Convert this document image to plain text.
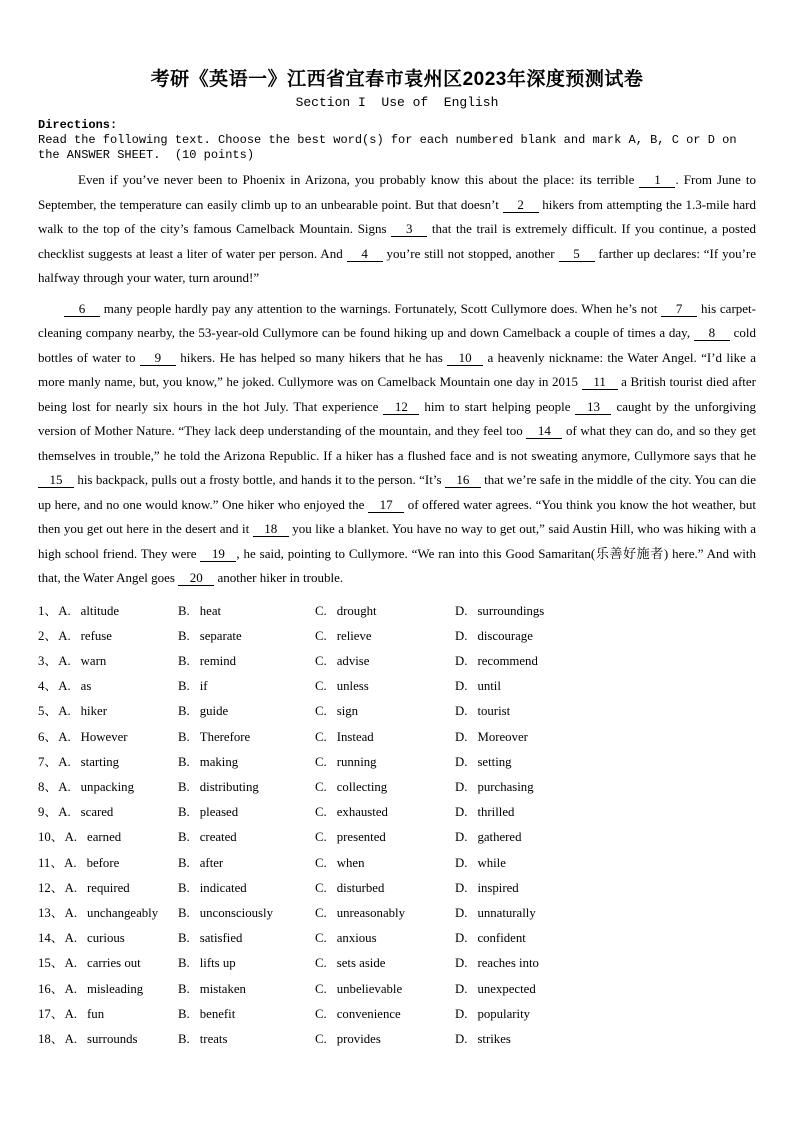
考研《英语一》江西省宜春市袁州区2023年深度预测试卷
Section I  Use of  English
Directions:
Read the following text. Choose the best word(s) for each numbered blank and mark A, B, C or D on the ANSWER SHEET.  (10 points)

Even if you’ve never been to Phoenix in Arizona, you probably know this about the place: its terrible 1 . From June to September, the temperature can easily climb up to an unbearable point. But that doesn’t 2 hikers from attempting the 1.3-mile hard walk to the top of the city’s famous Camelback Mountain. Signs 3 that the trail is extremely difficult. If you continue, a posted checklist suggests at least a liter of water per person. And 4 you’re still not stopped, another 5 farther up declares: “If you’re halfway through your water, turn around!”

6 many people hardly pay any attention to the warnings. Fortunately, Scott Cullymore does. When he’s not 7 his carpet-cleaning company nearby, the 53-year-old Cullymore can be found hiking up and down Camelback a couple of times a day, 8 cold bottles of water to 9 hikers. He has helped so many hikers that he has 10 a heavenly nickname: the Water Angel. “I’d like a more manly name, but, you know,” he joked. Cullymore was on Camelback Mountain one day in 2015 11 a British tourist died after being lost for nearly six hours in the hot July. That experience 12 him to start helping people 13 caught by the unforgiving version of Mother Nature. “They lack deep understanding of the mountain, and they feel too 14 of what they can do, and so they get themselves in trouble,” he told the Arizona Republic. If a hiker has a flushed face and is not sweating anymore, Cullymore says that he 15 his backpack, pulls out a frosty bottle, and hands it to the person. “It’s 16 that we’re safe in the middle of the city. You can die up here, and no one would know.” One hiker who enjoyed the 17 of offered water agrees. “You think you know the hot weather, but then you get out here in the desert and it 18 you like a blanket. You have no way to get out,” said Austin Hill, who was hiking with a high school friend. They were 19 , he said, pointing to Cullymore. “We ran into this Good Samaritan(乐善好施者) here.” And with that, the Water Angel goes 20 another hiker in trouble.

1、A. altitude	B. heat	C. drought	D. surroundings
2、A. refuse	B. separate	C. relieve	D. discourage
3、A. warn	B. remind	C. advise	D. recommend
4、A. as	B. if	C. unless	D. until
5、A. hiker	B. guide	C. sign	D. tourist
6、A. However	B. Therefore	C. Instead	D. Moreover
7、A. starting	B. making	C. running	D. setting
8、A. unpacking	B. distributing	C. collecting	D. purchasing
9、A. scared	B. pleased	C. exhausted	D. thrilled
10、A. earned	B. created	C. presented	D. gathered
11、A. before	B. after	C. when	D. while
12、A. required	B. indicated	C. disturbed	D. inspired
13、A. unchangeably	B. unconsciously	C. unreasonably	D. unnaturally
14、A. curious	B. satisfied	C. anxious	D. confident
15、A. carries out	B. lifts up	C. sets aside	D. reaches into
16、A. misleading	B. mistaken	C. unbelievable	D. unexpected
17、A. fun	B. benefit	C. convenience	D. popularity
18、A. surrounds	B. treats	C. provides	D. strikes
